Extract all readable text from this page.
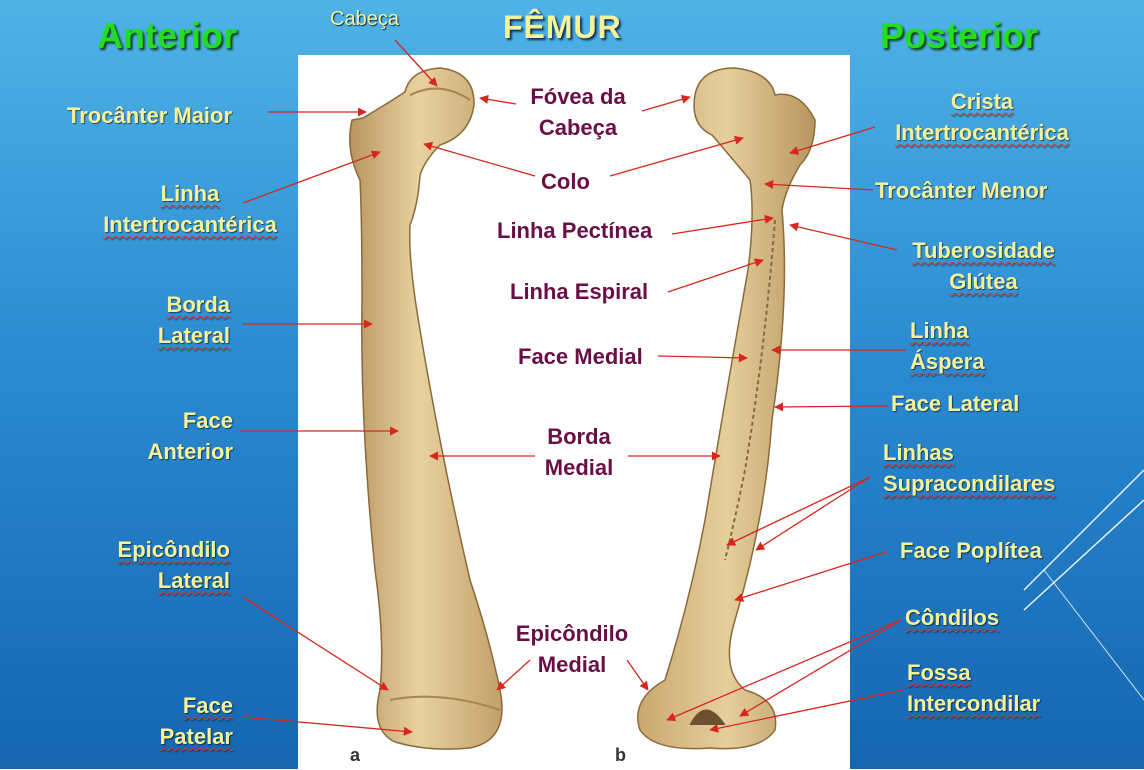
a	b
Anterior	FÊMUR	Posterior
Cabeça
Trocânter Maior
Linha
Intertrocantérica
Borda
Lateral
Face
Anterior
Epicôndilo
Lateral
Face
Patelar
Fóvea da
Cabeça
Colo
Linha Pectínea
Linha Espiral
Face Medial
Borda
Medial
Epicôndilo
Medial
Crista
Intertrocantérica
Trocânter Menor
Tuberosidade
Glútea
Linha
Áspera
Face Lateral
Linhas
Supracondilares
Face Poplítea
Côndilos
Fossa
Intercondilar
